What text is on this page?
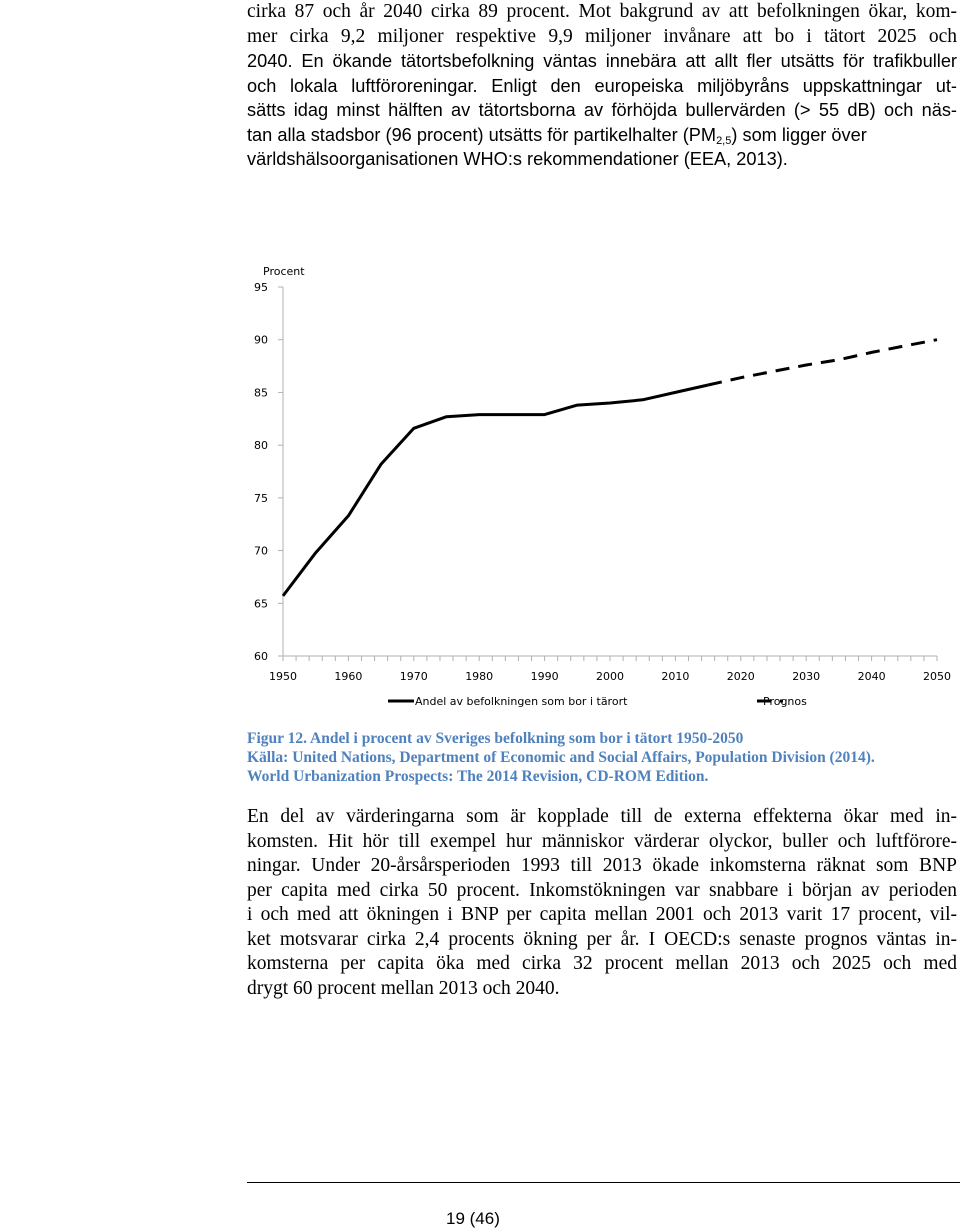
cirka 87 och år 2040 cirka 89 procent. Mot bakgrund av att befolkningen ökar, kom-
mer cirka 9,2 miljoner respektive 9,9 miljoner invånare att bo i tätort 2025 och
2040. En ökande tätortsbefolkning väntas innebära att allt fler utsätts för trafikbuller
och lokala luftföroreningar. Enligt den europeiska miljöbyråns uppskattningar ut-
sätts idag minst hälften av tätortsborna av förhöjda bullervärden (> 55 dB) och näs-
tan alla stadsbor (96 procent) utsätts för partikelhalter $(PM_{2,5})$ som ligger över
världshälsoorganisationen WHO:s rekommendationer (EEA, 2013).
60
65
70
75
80
85
90
95
Procent
1950	1960	1970	1980	1990	2000	2010	2020	2030	2040	2050
Andel av befolkningen som bor i tärort	Prognos
Figur 12. Andel i procent av Sveriges befolkning som bor i tätort 1950-2050
Källa: United Nations, Department of Economic and Social Affairs, Population Division (2014).
World Urbanization Prospects: The 2014 Revision, CD-ROM Edition.
En del av värderingarna som är kopplade till de externa effekterna ökar med in-
komsten. Hit hör till exempel hur människor värderar olyckor, buller och luftförore-
ningar. Under 20-årsårsperioden 1993 till 2013 ökade inkomsterna räknat som BNP
per capita med cirka 50 procent. Inkomstökningen var snabbare i början av perioden
i och med att ökningen i BNP per capita mellan 2001 och 2013 varit 17 procent, vil-
ket motsvarar cirka 2,4 procents ökning per år. I OECD:s senaste prognos väntas in-
komsterna per capita öka med cirka 32 procent mellan 2013 och 2025 och med
drygt 60 procent mellan 2013 och 2040.
19 (46)
